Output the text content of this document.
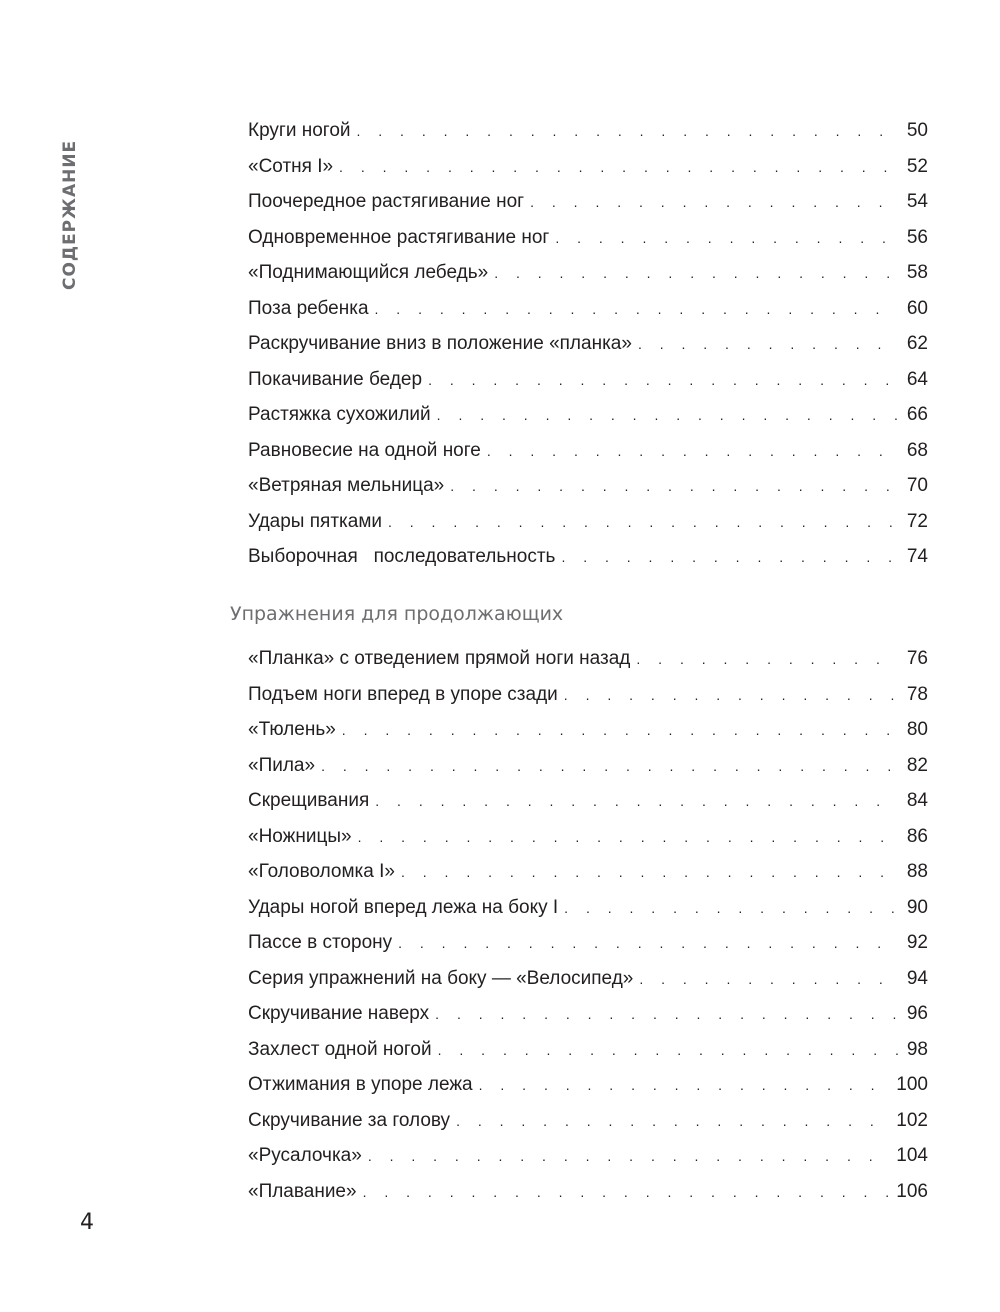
СОДЕРЖАНИЕ
Круги ногой . . .	50
«Сотня I» . . .	52
Поочередное растягивание ног . . .	54
Одновременное растягивание ног . . .	56
«Поднимающийся лебедь» . . .	58
Поза ребенка . . .	60
Раскручивание вниз в положение «планка» . . .	62
Покачивание бедер . . .	64
Растяжка сухожилий . . .	66
Равновесие на одной ноге . . .	68
«Ветряная мельница» . . .	70
Удары пятками . . .	72
Выборочная   последовательность . . .	74
Упражнения для продолжающих
«Планка» с отведением прямой ноги назад . . .	76
Подъем ноги вперед в упоре сзади . . .	78
«Тюлень» . . .	80
«Пила» . . .	82
Скрещивания . . .	84
«Ножницы» . . .	86
«Головоломка I» . . .	88
Удары ногой вперед лежа на боку I . . .	90
Пассе в сторону . . .	92
Серия упражнений на боку — «Велосипед» . . .	94
Скручивание наверх . . .	96
Захлест одной ногой . . .	98
Отжимания в упоре лежа . . .	100
Скручивание за голову . . .	102
«Русалочка» . . .	104
«Плавание» . . .	106
4
